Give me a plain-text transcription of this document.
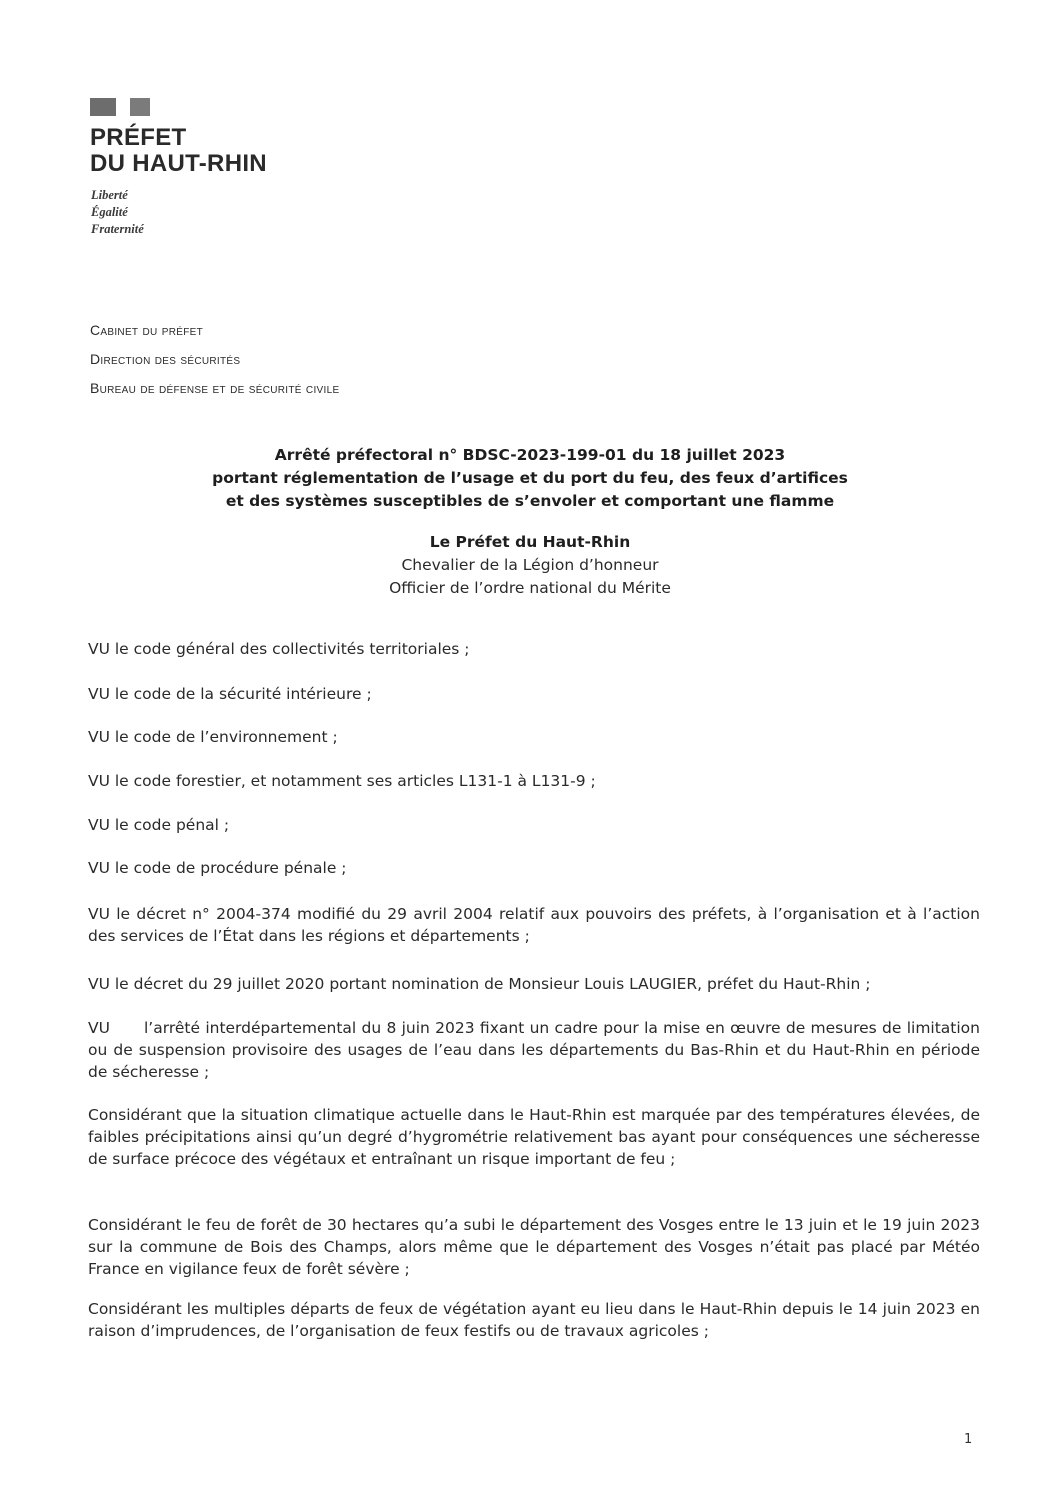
PRÉFET
DU HAUT-RHIN
Liberté
Égalité
Fraternité
Cabinet du préfet
Direction des sécurités
Bureau de défense et de sécurité civile
Arrêté préfectoral n° BDSC-2023-199-01 du 18 juillet 2023
portant réglementation de l’usage et du port du feu, des feux d’artifices
et des systèmes susceptibles de s’envoler et comportant une flamme
Le Préfet du Haut-Rhin
Chevalier de la Légion d’honneur
Officier de l’ordre national du Mérite
VU le code général des collectivités territoriales ;
VU le code de la sécurité intérieure ;
VU le code de l’environnement ;
VU le code forestier, et notamment ses articles L131-1 à L131-9 ;
VU le code pénal ;
VU le code de procédure pénale ;
VU le décret n° 2004-374 modifié du 29 avril 2004 relatif aux pouvoirs des préfets, à l’organisation et à l’action des services de l’État dans les régions et départements ;
VU le décret du 29 juillet 2020 portant nomination de Monsieur Louis LAUGIER, préfet du Haut-Rhin ;
VU l’arrêté interdépartemental du 8 juin 2023 fixant un cadre pour la mise en œuvre de mesures de limitation ou de suspension provisoire des usages de l’eau dans les départements du Bas-Rhin et du Haut-Rhin en période de sécheresse ;
Considérant que la situation climatique actuelle dans le Haut-Rhin est marquée par des températures élevées, de faibles précipitations ainsi qu’un degré d’hygrométrie relativement bas ayant pour conséquences une sécheresse de surface précoce des végétaux et entraînant un risque important de feu ;
Considérant le feu de forêt de 30 hectares qu’a subi le département des Vosges entre le 13 juin et le 19 juin 2023 sur la commune de Bois des Champs, alors même que le département des Vosges n’était pas placé par Météo France en vigilance feux de forêt sévère ;
Considérant les multiples départs de feux de végétation ayant eu lieu dans le Haut-Rhin depuis le 14 juin 2023 en raison d’imprudences, de l’organisation de feux festifs ou de travaux agricoles ;
1
